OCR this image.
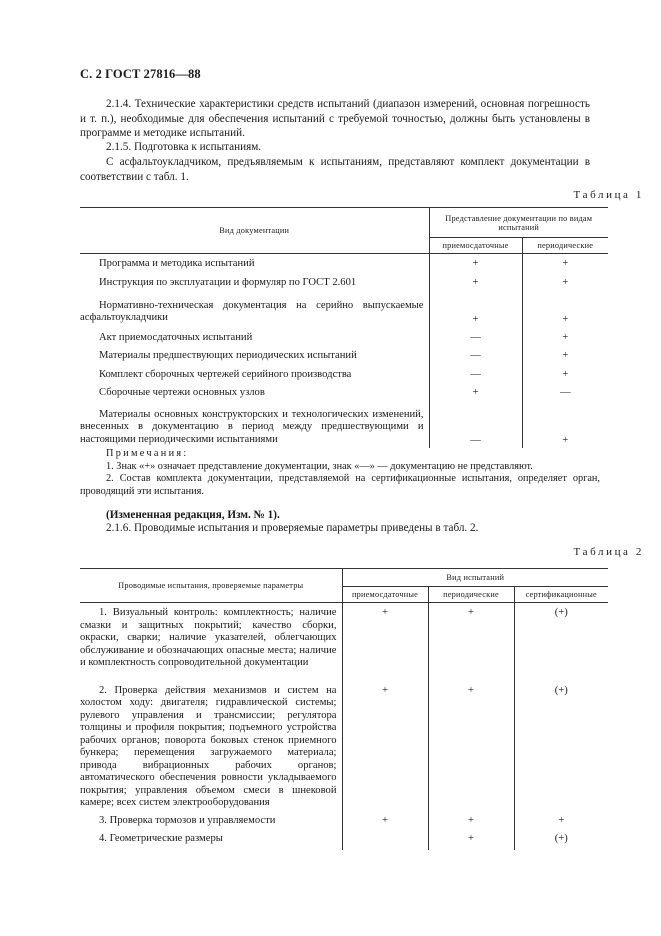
С. 2 ГОСТ 27816—88
2.1.4. Технические характеристики средств испытаний (диапазон измерений, основная погрешность и т. п.), необходимые для обеспечения испытаний с требуемой точностью, должны быть установлены в программе и методике испытаний.
2.1.5. Подготовка к испытаниям.
С асфальтоукладчиком, предъявляемым к испытаниям, представляют комплект документации в соответствии с табл. 1.
Таблица 1
Вид документации	Представление документации по видам испытаний	
	приемосдаточные	периодические
Программа и методика испытаний	+	+
Инструкция по эксплуатации и формуляр по ГОСТ 2.601	+	+
Нормативно-техническая документация на серийно выпускаемые асфальтоукладчики	+	+
Акт приемосдаточных испытаний	—	+
Материалы предшествующих периодических испытаний	—	+
Комплект сборочных чертежей серийного производства	—	+
Сборочные чертежи основных узлов	+	—
Материалы основных конструкторских и технологических изменений, внесенных в документацию в период между предшествующими и настоящими периодическими испытаниями	—	+
Примечания:
1. Знак «+» означает представление документации, знак «—» — документацию не представляют.
2. Состав комплекта документации, представляемой на сертификационные испытания, определяет орган, проводящий эти испытания.
(Измененная редакция, Изм. № 1).
2.1.6. Проводимые испытания и проверяемые параметры приведены в табл. 2.
Таблица 2
Проводимые испытания, проверяемые параметры	Вид испытаний		
	приемосдаточные	периодические	сертификационные
1. Визуальный контроль: комплектность; наличие смазки и защитных покрытий; качество сборки, окраски, сварки; наличие указателей, облегчающих обслуживание и обозначающих опасные места; наличие и комплектность сопроводительной документации	+	+	(+)
2. Проверка действия механизмов и систем на холостом ходу: двигателя; гидравлической системы; рулевого управления и трансмиссии; регулятора толщины и профиля покрытия; подъемного устройства рабочих органов; поворота боковых стенок приемного бункера; перемещения загружаемого материала; привода вибрационных рабочих органов; автоматического обеспечения ровности укладываемого покрытия; управления объемом смеси в шнековой камере; всех систем электрооборудования	+	+	(+)
3. Проверка тормозов и управляемости	+	+	+
4. Геометрические размеры		+	(+)
